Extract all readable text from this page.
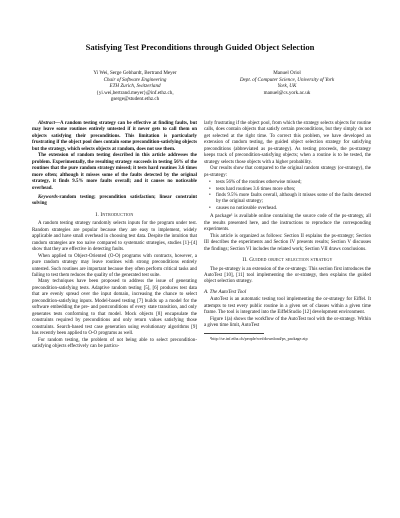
Satisfying Test Preconditions through Guided Object Selection
Yi Wei, Serge Gebhardt, Bertrand Meyer
Chair of Software Engineering
ETH Zurich, Switzerland
{yi.wei,bertrand.meyer}@inf.ethz.ch,
gserge@student.ethz.ch
Manuel Oriol
Dept. of Computer Science, University of York
York, UK
manuel@cs.york.ac.uk

Abstract—A random testing strategy can be effective at finding faults, but may leave some routines entirely untested if it never gets to call them on objects satisfying their preconditions. This limitation is particularly frustrating if the object pool does contain some precondition-satisfying objects but the strategy, which selects objects at random, does not use them.

The extension of random testing described in this article addresses the problem. Experimentally, the resulting strategy succeeds in testing 56% of the routines that the pure random strategy missed; it tests hard routines 3.6 times more often; although it misses some of the faults detected by the original strategy, it finds 9.5% more faults overall; and it causes no noticeable overhead.

Keywords-random testing; precondition satisfaction; linear constraint solving

I. Introduction

A random testing strategy randomly selects inputs for the program under test. Random strategies are popular because they are easy to implement, widely applicable and have small overhead in choosing test data. Despite the intuition that random strategies are too naive compared to systematic strategies, studies [1]–[4] show that they are effective in detecting faults.

When applied to Object-Oriented (O-O) programs with contracts, however, a pure random strategy may leave routines with strong preconditions entirely untested. Such routines are important because they often perform critical tasks and failing to test them reduces the quality of the generated test suite.

Many techniques have been proposed to address the issue of generating precondition-satisfying tests. Adaptive random testing [5], [6] produces test data that are evenly spread over the input domain, increasing the chance to select precondition-satisfying inputs. Model-based testing [7] builds up a model for the software embedding the pre- and postconditions of every state transition, and only generates tests conforming to that model. Mock objects [8] encapsulate the constraints required by preconditions and only return values satisfying those constraints. Search-based test case generation using evolutionary algorithms [9] has recently been applied to O-O programs as well.

For random testing, the problem of not being able to select precondition-satisfying objects effectively can be particu-

larly frustrating if the object pool, from which the strategy selects objects for routine calls, does contain objects that satisfy certain preconditions, but they simply do not get selected at the right time. To correct this problem, we have developed an extension of random testing, the guided object selection strategy for satisfying preconditions (abbreviated as ps-strategy). As testing proceeds, the ps-strategy keeps track of precondition-satisfying objects; when a routine is to be tested, the strategy selects those objects with a higher probability.

Our results show that compared to the original random strategy (or-strategy), the ps-strategy:

• tests 56% of the routines otherwise missed;
• tests hard routines 3.6 times more often;
• finds 9.5% more faults overall, although it misses some of the faults detected by the original strategy;
• causes no noticeable overhead.

A package¹ is available online containing the source code of the ps-strategy, all the results presented here, and the instructions to reproduce the corresponding experiments.

This article is organized as follows: Section II explains the ps-strategy; Section III describes the experiments and Section IV presents results; Section V discusses the findings; Section VI includes the related work; Section VII draws conclusions.

II. Guided object selection strategy

The ps-strategy is an extension of the or-strategy. This section first introduces the AutoTest [10], [11] tool implementing the or-strategy, then explains the guided object selection strategy.

A. The AutoTest Tool

AutoTest is an automatic testing tool implementing the or-strategy for Eiffel. It attempts to test every public routine in a given set of classes within a given time frame. The tool is integrated into the EiffelStudio [12] development environment.

Figure 1(a) shows the workflow of the AutoTest tool with the or-strategy. Within a given time limit, AutoTest

¹http://se.inf.ethz.ch/people/wei/download/ps_package.zip
